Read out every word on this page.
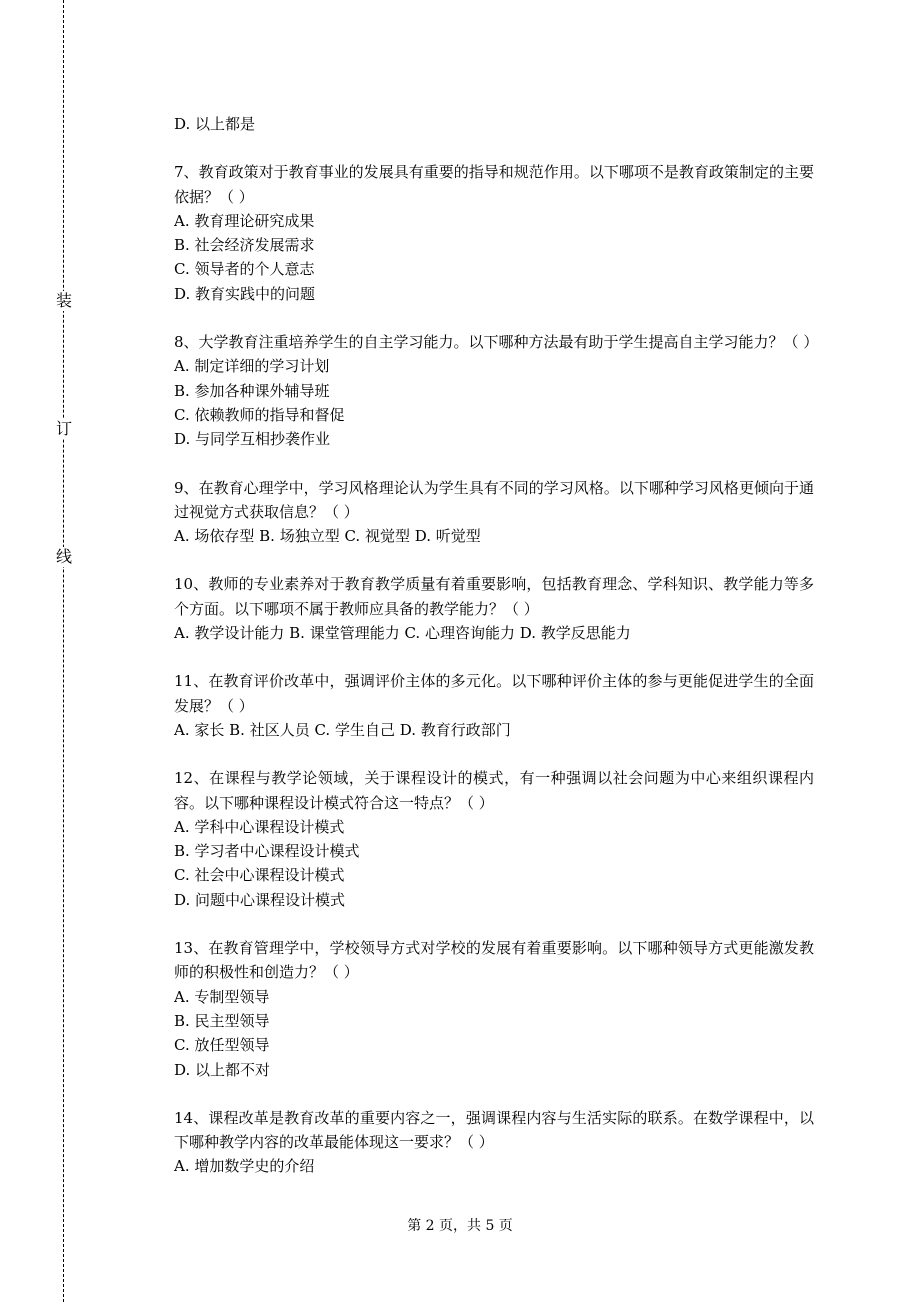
装
订
线
D. 以上都是
7、教育政策对于教育事业的发展具有重要的指导和规范作用。以下哪项不是教育政策制定的主要依据？（ ）
A. 教育理论研究成果
B. 社会经济发展需求
C. 领导者的个人意志
D. 教育实践中的问题
8、大学教育注重培养学生的自主学习能力。以下哪种方法最有助于学生提高自主学习能力？（ ）
A. 制定详细的学习计划
B. 参加各种课外辅导班
C. 依赖教师的指导和督促
D. 与同学互相抄袭作业
9、在教育心理学中，学习风格理论认为学生具有不同的学习风格。以下哪种学习风格更倾向于通过视觉方式获取信息？（ ）
A. 场依存型 B. 场独立型 C. 视觉型 D. 听觉型
10、教师的专业素养对于教育教学质量有着重要影响，包括教育理念、学科知识、教学能力等多个方面。以下哪项不属于教师应具备的教学能力？（ ）
A. 教学设计能力 B. 课堂管理能力 C. 心理咨询能力 D. 教学反思能力
11、在教育评价改革中，强调评价主体的多元化。以下哪种评价主体的参与更能促进学生的全面发展？（ ）
A. 家长 B. 社区人员 C. 学生自己 D. 教育行政部门
12、在课程与教学论领域，关于课程设计的模式，有一种强调以社会问题为中心来组织课程内容。以下哪种课程设计模式符合这一特点？（ ）
A. 学科中心课程设计模式
B. 学习者中心课程设计模式
C. 社会中心课程设计模式
D. 问题中心课程设计模式
13、在教育管理学中，学校领导方式对学校的发展有着重要影响。以下哪种领导方式更能激发教师的积极性和创造力？（ ）
A. 专制型领导
B. 民主型领导
C. 放任型领导
D. 以上都不对
14、课程改革是教育改革的重要内容之一，强调课程内容与生活实际的联系。在数学课程中，以下哪种教学内容的改革最能体现这一要求？（ ）
A. 增加数学史的介绍
第 2 页，共 5 页
